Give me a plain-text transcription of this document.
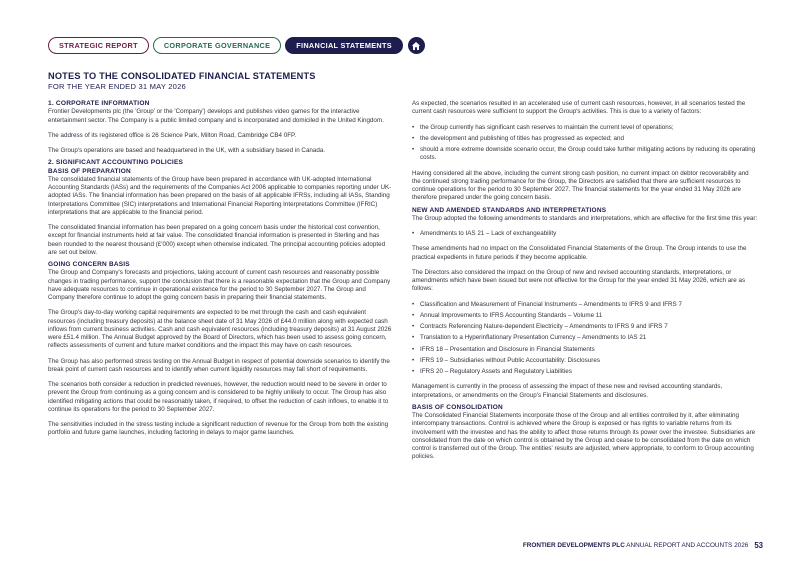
STRATEGIC REPORT	CORPORATE GOVERNANCE	FINANCIAL STATEMENTS
NOTES TO THE CONSOLIDATED FINANCIAL STATEMENTS
FOR THE YEAR ENDED 31 MAY 2026
1. CORPORATE INFORMATION

Frontier Developments plc (the 'Group' or the 'Company') develops and publishes video games for the interactive entertainment sector. The Company is a public limited company and is incorporated and domiciled in the United Kingdom.

The address of its registered office is 26 Science Park, Milton Road, Cambridge CB4 0FP.

The Group's operations are based and headquartered in the UK, with a subsidiary based in Canada.

2. SIGNIFICANT ACCOUNTING POLICIES
BASIS OF PREPARATION

The consolidated financial statements of the Group have been prepared in accordance with UK-adopted International Accounting Standards (IASs) and the requirements of the Companies Act 2006 applicable to companies reporting under UK-adopted IASs. The financial information has been prepared on the basis of all applicable IFRSs, including all IASs, Standing Interpretations Committee (SIC) interpretations and International Financial Reporting Interpretations Committee (IFRIC) interpretations that are applicable to the financial period.

The consolidated financial information has been prepared on a going concern basis under the historical cost convention, except for financial instruments held at fair value. The consolidated financial information is presented in Sterling and has been rounded to the nearest thousand (£'000) except when otherwise indicated. The principal accounting policies adopted are set out below.

GOING CONCERN BASIS

The Group and Company's forecasts and projections, taking account of current cash resources and reasonably possible changes in trading performance, support the conclusion that there is a reasonable expectation that the Group and Company have adequate resources to continue in operational existence for the period to 30 September 2027. The Group and Company therefore continue to adopt the going concern basis in preparing their financial statements.

The Group's day-to-day working capital requirements are expected to be met through the cash and cash equivalent resources (including treasury deposits) at the balance sheet date of 31 May 2026 of £44.0 million along with expected cash inflows from current business activities. Cash and cash equivalent resources (including treasury deposits) at 31 August 2026 were £51.4 million. The Annual Budget approved by the Board of Directors, which has been used to assess going concern, reflects assessments of current and future market conditions and the impact this may have on cash resources.

The Group has also performed stress testing on the Annual Budget in respect of potential downside scenarios to identify the break point of current cash resources and to identify when current liquidity resources may fall short of requirements.

The scenarios both consider a reduction in predicted revenues, however, the reduction would need to be severe in order to prevent the Group from continuing as a going concern and is considered to be highly unlikely to occur. The Group has also identified mitigating actions that could be reasonably taken, if required, to offset the reduction of cash inflows, to enable it to continue its operations for the period to 30 September 2027.

The sensitivities included in the stress testing include a significant reduction of revenue for the Group from both the existing portfolio and future game launches, including factoring in delays to major game launches.

As expected, the scenarios resulted in an accelerated use of current cash resources, however, in all scenarios tested the current cash resources were sufficient to support the Group's activities. This is due to a variety of factors:

• the Group currently has significant cash reserves to maintain the current level of operations;
• the development and publishing of titles has progressed as expected; and
• should a more extreme downside scenario occur, the Group could take further mitigating actions by reducing its operating costs.

Having considered all the above, including the current strong cash position, no current impact on debtor recoverability and the continued strong trading performance for the Group, the Directors are satisfied that there are sufficient resources to continue operations for the period to 30 September 2027. The financial statements for the year ended 31 May 2026 are therefore prepared under the going concern basis.

NEW AND AMENDED STANDARDS AND INTERPRETATIONS

The Group adopted the following amendments to standards and interpretations, which are effective for the first time this year:

• Amendments to IAS 21 – Lack of exchangeability

These amendments had no impact on the Consolidated Financial Statements of the Group. The Group intends to use the practical expedients in future periods if they become applicable.

The Directors also considered the impact on the Group of new and revised accounting standards, interpretations, or amendments which have been issued but were not effective for the Group for the year ended 31 May 2026, which are as follows:

• Classification and Measurement of Financial Instruments – Amendments to IFRS 9 and IFRS 7
• Annual Improvements to IFRS Accounting Standards – Volume 11
• Contracts Referencing Nature-dependent Electricity – Amendments to IFRS 9 and IFRS 7
• Translation to a Hyperinflationary Presentation Currency – Amendments to IAS 21
• IFRS 18 – Presentation and Disclosure in Financial Statements
• IFRS 19 – Subsidiaries without Public Accountability: Disclosures
• IFRS 20 – Regulatory Assets and Regulatory Liabilities

Management is currently in the process of assessing the impact of these new and revised accounting standards, interpretations, or amendments on the Group's Financial Statements and disclosures.

BASIS OF CONSOLIDATION

The Consolidated Financial Statements incorporate those of the Group and all entities controlled by it, after eliminating intercompany transactions. Control is achieved where the Group is exposed or has rights to variable returns from its involvement with the investee and has the ability to affect those returns through its power over the investee. Subsidiaries are consolidated from the date on which control is obtained by the Group and cease to be consolidated from the date on which control is transferred out of the Group. The entities' results are adjusted, where appropriate, to conform to Group accounting policies.

FRONTIER DEVELOPMENTS PLC ANNUAL REPORT AND ACCOUNTS 2026 53
